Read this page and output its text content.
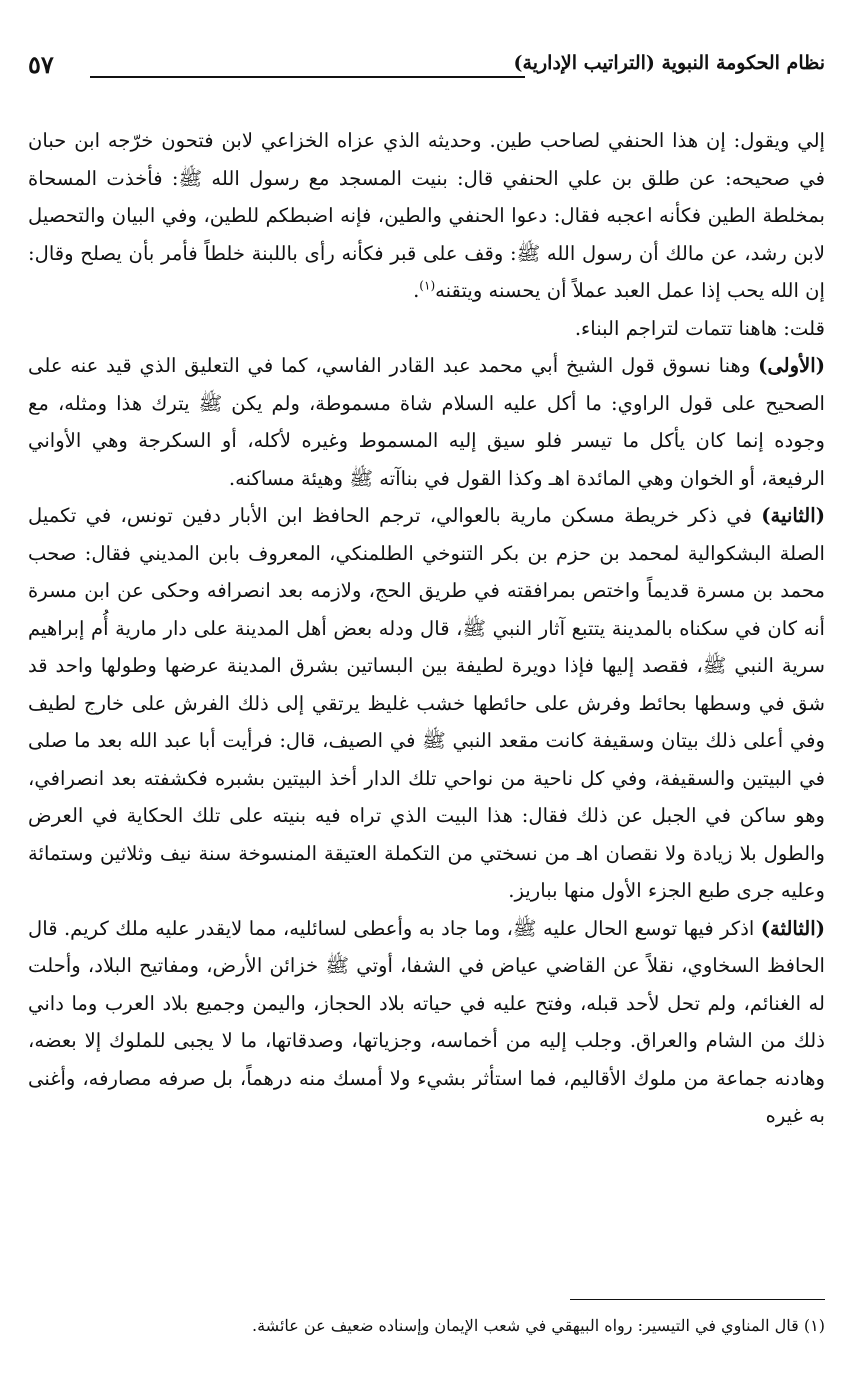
نظام الحكومة النبوية (التراتيب الإدارية)
٥٧

إلي ويقول: إن هذا الحنفي لصاحب طين. وحديثه الذي عزاه الخزاعي لابن فتحون خرّجه ابن حبان في صحيحه: عن طلق بن علي الحنفي قال: بنيت المسجد مع رسول الله ﷺ: فأخذت المسحاة بمخلطة الطين فكأنه اعجبه فقال: دعوا الحنفي والطين، فإنه اضبطكم للطين، وفي البيان والتحصيل لابن رشد، عن مالك أن رسول الله ﷺ: وقف على قبر فكأنه رأى باللبنة خلطاً فأمر بأن يصلح وقال: إن الله يحب إذا عمل العبد عملاً أن يحسنه ويتقنه$^{(١)}$.

قلت: هاهنا تتمات لتراجم البناء.

(الأولى) وهنا نسوق قول الشيخ أبي محمد عبد القادر الفاسي، كما في التعليق الذي قيد عنه على الصحيح على قول الراوي: ما أكل عليه السلام شاة مسموطة، ولم يكن ﷺ يترك هذا ومثله، مع وجوده إنما كان يأكل ما تيسر فلو سيق إليه المسموط وغيره لأكله، أو السكرجة وهي الأواني الرفيعة، أو الخوان وهي المائدة اهـ وكذا القول في بناآته ﷺ وهيئة مساكنه.

(الثانية) في ذكر خريطة مسكن مارية بالعوالي، ترجم الحافظ ابن الأبار دفين تونس، في تكميل الصلة البشكوالية لمحمد بن حزم بن بكر التنوخي الطلمنكي، المعروف بابن المديني فقال: صحب محمد بن مسرة قديماً واختص بمرافقته في طريق الحج، ولازمه بعد انصرافه وحكى عن ابن مسرة أنه كان في سكناه بالمدينة يتتبع آثار النبي ﷺ، قال ودله بعض أهل المدينة على دار مارية أُم إبراهيم سرية النبي ﷺ، فقصد إليها فإذا دويرة لطيفة بين البساتين بشرق المدينة عرضها وطولها واحد قد شق في وسطها بحائط وفرش على حائطها خشب غليظ يرتقي إلى ذلك الفرش على خارج لطيف وفي أعلى ذلك بيتان وسقيفة كانت مقعد النبي ﷺ في الصيف، قال: فرأيت أبا عبد الله بعد ما صلى في البيتين والسقيفة، وفي كل ناحية من نواحي تلك الدار أخذ البيتين بشبره فكشفته بعد انصرافي، وهو ساكن في الجبل عن ذلك فقال: هذا البيت الذي تراه فيه بنيته على تلك الحكاية في العرض والطول بلا زيادة ولا نقصان اهـ من نسختي من التكملة العتيقة المنسوخة سنة نيف وثلاثين وستمائة وعليه جرى طبع الجزء الأول منها بباريز.

(الثالثة) اذكر فيها توسع الحال عليه ﷺ، وما جاد به وأعطى لسائليه، مما لايقدر عليه ملك كريم. قال الحافظ السخاوي، نقلاً عن القاضي عياض في الشفا، أوتي ﷺ خزائن الأرض، ومفاتيح البلاد، وأحلت له الغنائم، ولم تحل لأحد قبله، وفتح عليه في حياته بلاد الحجاز، واليمن وجميع بلاد العرب وما داني ذلك من الشام والعراق. وجلب إليه من أخماسه، وجزياتها، وصدقاتها، ما لا يجبى للملوك إلا بعضه، وهادنه جماعة من ملوك الأقاليم، فما استأثر بشيء ولا أمسك منه درهماً، بل صرفه مصارفه، وأغنى به غيره

(١) قال المناوي في التيسير: رواه البيهقي في شعب الإيمان وإسناده ضعيف عن عائشة.
